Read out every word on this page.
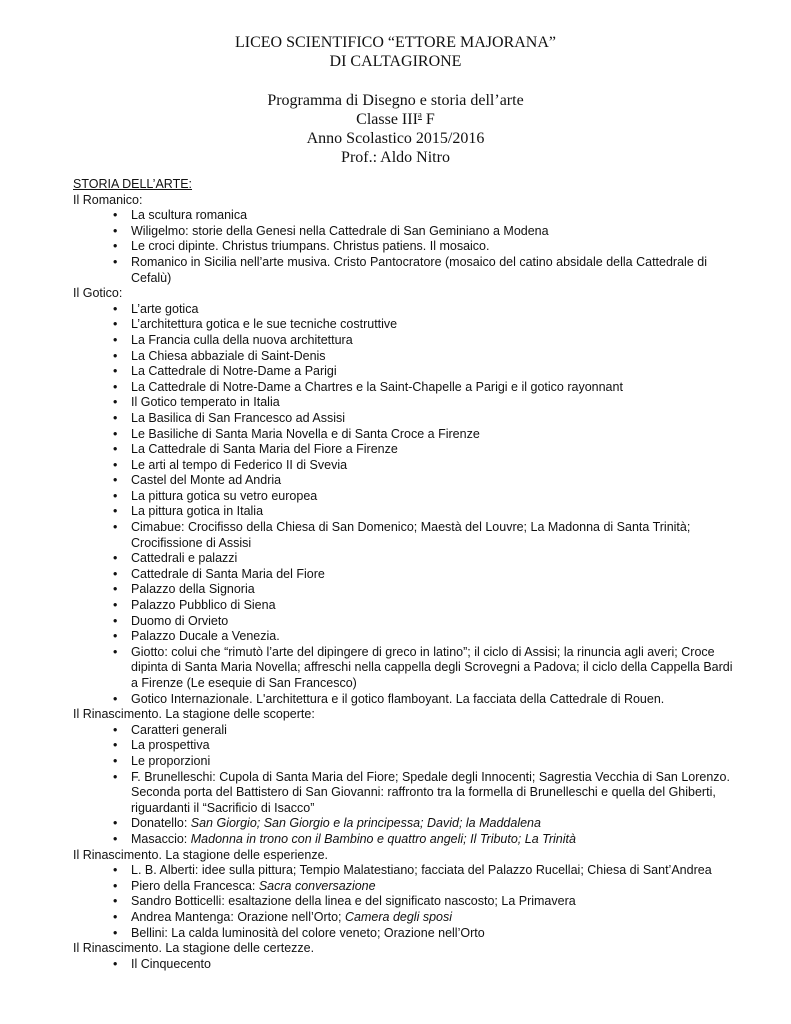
LICEO SCIENTIFICO “ETTORE MAJORANA”
DI CALTAGIRONE
Programma di Disegno e storia dell’arte
Classe III$^a$ F
Anno Scolastico 2015/2016
Prof.: Aldo Nitro
STORIA DELL’ARTE:
Il Romanico:
• La scultura romanica
• Wiligelmo: storie della Genesi nella Cattedrale di San Geminiano a Modena
• Le croci dipinte. Christus triumpans. Christus patiens. Il mosaico.
• Romanico in Sicilia nell’arte musiva. Cristo Pantocratore (mosaico del catino absidale della Cattedrale di Cefalù)
Il Gotico:
• L’arte gotica
• L’architettura gotica e le sue tecniche costruttive
• La Francia culla della nuova architettura
• La Chiesa abbaziale di Saint-Denis
• La Cattedrale di Notre-Dame a Parigi
• La Cattedrale di Notre-Dame a Chartres e la Saint-Chapelle a Parigi e il gotico rayonnant
• Il Gotico temperato in Italia
• La Basilica di San Francesco ad Assisi
• Le Basiliche di Santa Maria Novella e di Santa Croce a Firenze
• La Cattedrale di Santa Maria del Fiore a Firenze
• Le arti al tempo di Federico II di Svevia
• Castel del Monte ad Andria
• La pittura gotica su vetro europea
• La pittura gotica in Italia
• Cimabue: Crocifisso della Chiesa di San Domenico; Maestà del Louvre; La Madonna di Santa Trinità; Crocifissione di Assisi
• Cattedrali e palazzi
• Cattedrale di Santa Maria del Fiore
• Palazzo della Signoria
• Palazzo Pubblico di Siena
• Duomo di Orvieto
• Palazzo Ducale a Venezia.
• Giotto: colui che “rimutò l’arte del dipingere di greco in latino”; il ciclo di Assisi; la rinuncia agli averi; Croce dipinta di Santa Maria Novella; affreschi nella cappella degli Scrovegni a Padova; il ciclo della Cappella Bardi a Firenze (Le esequie di San Francesco)
• Gotico Internazionale. L'architettura e il gotico flamboyant. La facciata della Cattedrale di Rouen.
Il Rinascimento. La stagione delle scoperte:
• Caratteri generali
• La prospettiva
• Le proporzioni
• F. Brunelleschi: Cupola di Santa Maria del Fiore; Spedale degli Innocenti; Sagrestia Vecchia di San Lorenzo. Seconda porta del Battistero di San Giovanni: raffronto tra la formella di Brunelleschi e quella del Ghiberti, riguardanti il “Sacrificio di Isacco”
• Donatello: San Giorgio; San Giorgio e la principessa; David; la Maddalena
• Masaccio: Madonna in trono con il Bambino e quattro angeli; Il Tributo; La Trinità
Il Rinascimento. La stagione delle esperienze.
• L. B. Alberti: idee sulla pittura; Tempio Malatestiano; facciata del Palazzo Rucellai; Chiesa di Sant’Andrea
• Piero della Francesca: Sacra conversazione
• Sandro Botticelli: esaltazione della linea e del significato nascosto; La Primavera
• Andrea Mantenga: Orazione nell’Orto; Camera degli sposi
• Bellini: La calda luminosità del colore veneto; Orazione nell’Orto
Il Rinascimento. La stagione delle certezze.
• Il Cinquecento
